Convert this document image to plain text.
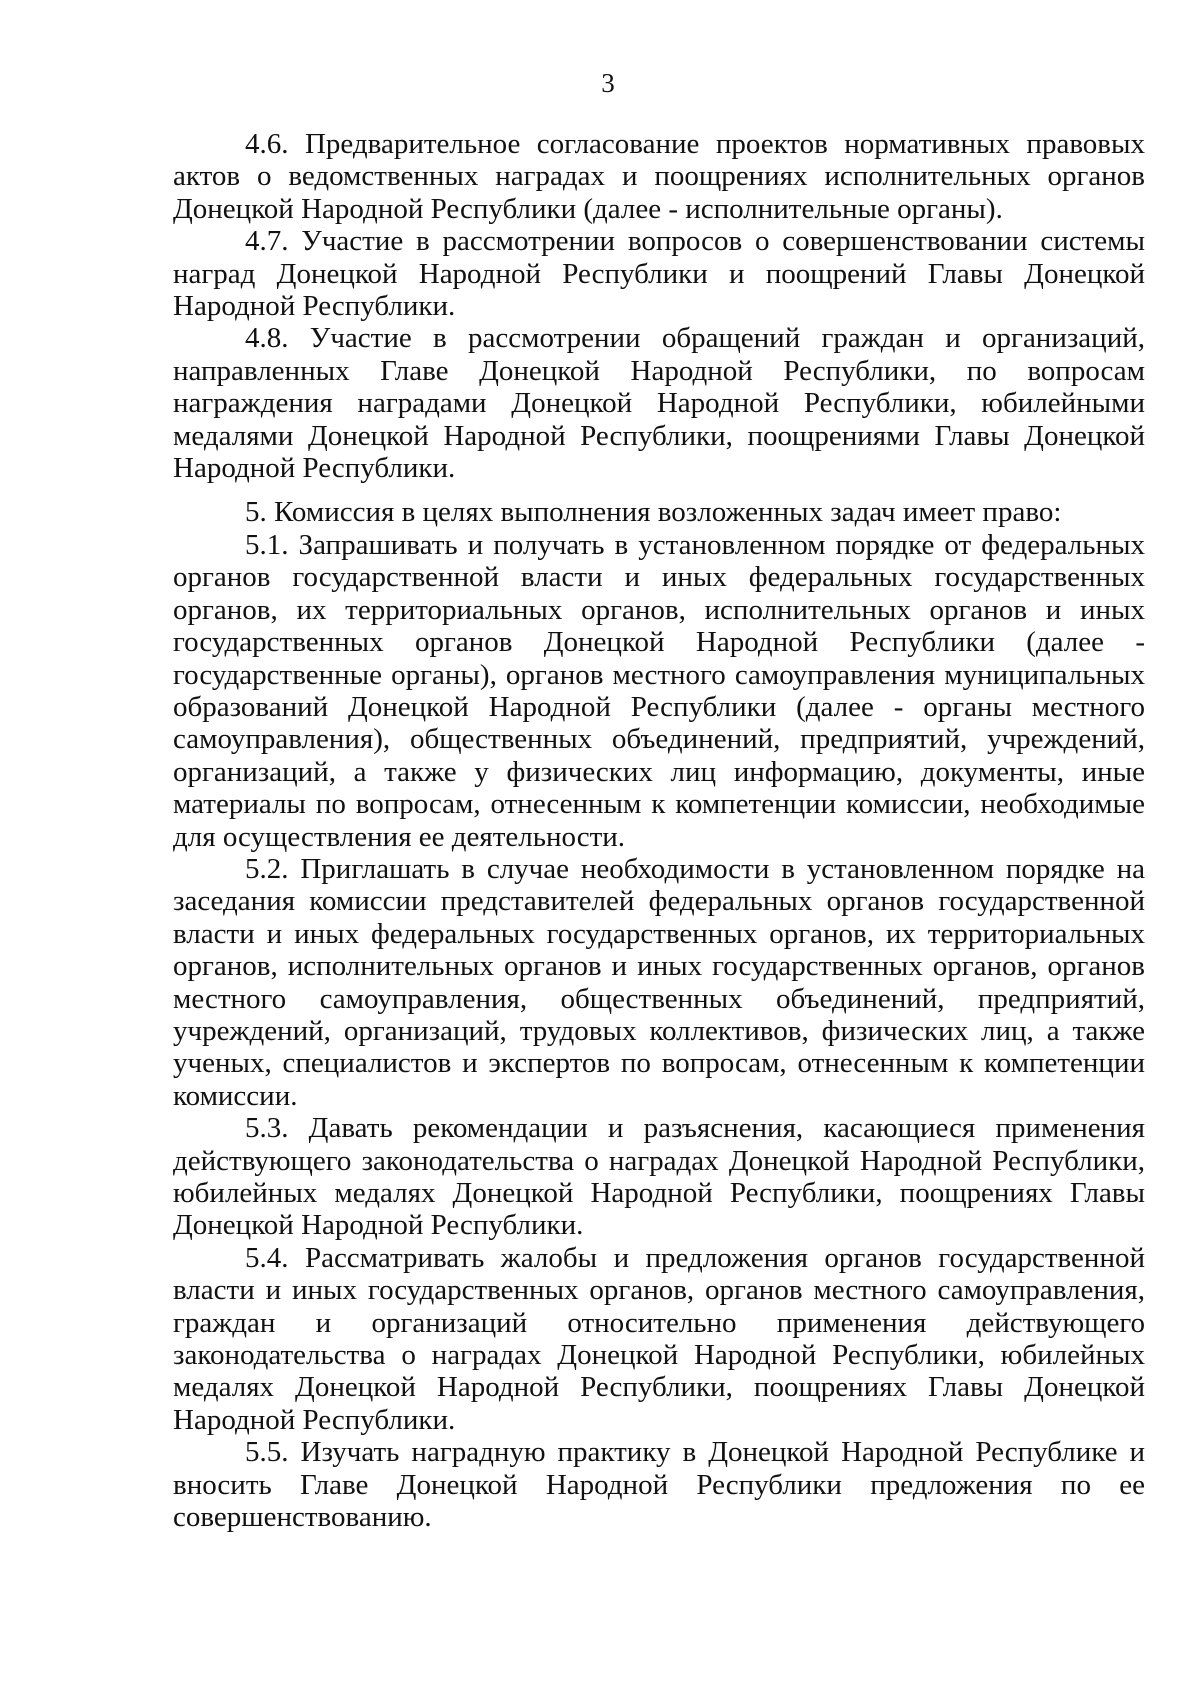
3

4.6. Предварительное согласование проектов нормативных правовых актов о ведомственных наградах и поощрениях исполнительных органов Донецкой Народной Республики (далее - исполнительные органы).

4.7. Участие в рассмотрении вопросов о совершенствовании системы наград Донецкой Народной Республики и поощрений Главы Донецкой Народной Республики.

4.8. Участие в рассмотрении обращений граждан и организаций, направленных Главе Донецкой Народной Республики, по вопросам награждения наградами Донецкой Народной Республики, юбилейными медалями Донецкой Народной Республики, поощрениями Главы Донецкой Народной Республики.

5. Комиссия в целях выполнения возложенных задач имеет право:

5.1. Запрашивать и получать в установленном порядке от федеральных органов государственной власти и иных федеральных государственных органов, их территориальных органов, исполнительных органов и иных государственных органов Донецкой Народной Республики (далее - государственные органы), органов местного самоуправления муниципальных образований Донецкой Народной Республики (далее - органы местного самоуправления), общественных объединений, предприятий, учреждений, организаций, а также у физических лиц информацию, документы, иные материалы по вопросам, отнесенным к компетенции комиссии, необходимые для осуществления ее деятельности.

5.2. Приглашать в случае необходимости в установленном порядке на заседания комиссии представителей федеральных органов государственной власти и иных федеральных государственных органов, их территориальных органов, исполнительных органов и иных государственных органов, органов местного самоуправления, общественных объединений, предприятий, учреждений, организаций, трудовых коллективов, физических лиц, а также ученых, специалистов и экспертов по вопросам, отнесенным к компетенции комиссии.

5.3. Давать рекомендации и разъяснения, касающиеся применения действующего законодательства о наградах Донецкой Народной Республики, юбилейных медалях Донецкой Народной Республики, поощрениях Главы Донецкой Народной Республики.

5.4. Рассматривать жалобы и предложения органов государственной власти и иных государственных органов, органов местного самоуправления, граждан и организаций относительно применения действующего законодательства о наградах Донецкой Народной Республики, юбилейных медалях Донецкой Народной Республики, поощрениях Главы Донецкой Народной Республики.

5.5. Изучать наградную практику в Донецкой Народной Республике и вносить Главе Донецкой Народной Республики предложения по ее совершенствованию.
